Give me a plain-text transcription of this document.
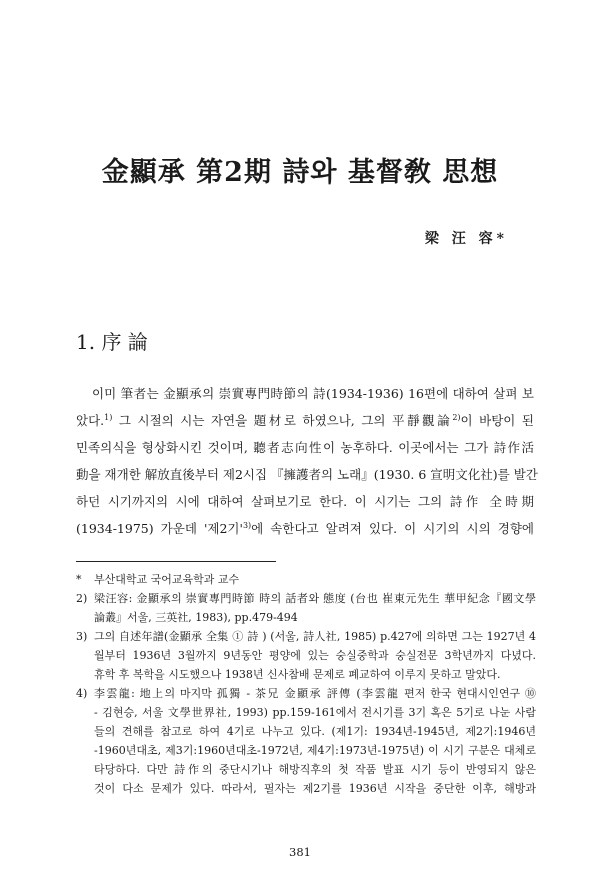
金顯承 第2期 詩와 基督敎 思想
梁 汪 容*
1. 序 論
이미 筆者는 金顯承의 崇實專門時節의 詩(1934-1936) 16편에 대하여 살펴 보
았다.$^{1)}$ 그 시절의 시는 자연을 題材로 하였으나, 그의 平靜觀論$^{2)}$이 바탕이 된
민족의식을 형상화시킨 것이며, 聽者志向性이 농후하다. 이곳에서는 그가 詩作活
動을 재개한 解放直後부터 제2시집 『擁護者의 노래』(1930. 6 宣明文化社)를 발간
하던 시기까지의 시에 대하여 살펴보기로 한다. 이 시기는 그의 詩作 全時期
(1934-1975) 가운데 '제2기'$^{3)}$에 속한다고 알려져 있다. 이 시기의 시의 경향에
* 부산대학교 국어교육학과 교수
2) 梁汪容: 金顯承의 崇實專門時節 時의 話者와 態度 (台也 崔東元先生 華甲紀念『國文學
論叢』서울, 三英社, 1983), pp.479-494
3) 그의 自述年譜(金顯承 全集 ① 詩 ) (서울, 詩人社, 1985) p.427에 의하면 그는 1927년 4
월부터 1936년 3월까지 9년동안 평양에 있는 숭실중학과 숭실전문 3학년까지 다녔다.
휴학 후 복학을 시도했으나 1938년 신사참배 문제로 폐교하여 이루지 못하고 말았다.
4) 李雲龍: 地上의 마지막 孤獨 - 茶兄 金顯承 評傳 (李雲龍 편저 한국 현대시인연구 ⑩
- 김현승, 서울 文學世界社, 1993) pp.159-161에서 전시기를 3기 혹은 5기로 나눈 사람
들의 견해를 참고로 하여 4기로 나누고 있다. (제1기: 1934년-1945년, 제2기:1946년
-1960년대초, 제3기:1960년대초-1972년, 제4기:1973년-1975년) 이 시기 구분은 대체로
타당하다. 다만 詩作의 중단시기나 해방직후의 첫 작품 발표 시기 등이 반영되지 않은
것이 다소 문제가 있다. 따라서, 필자는 제2기를 1936년 시작을 중단한 이후, 해방과
381
